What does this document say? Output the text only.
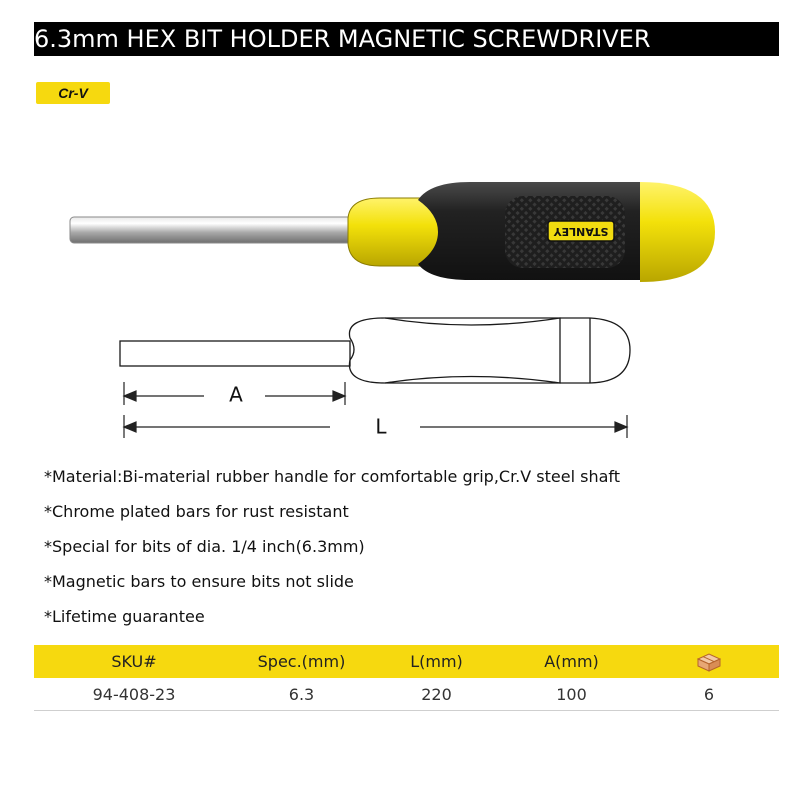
6.3mm HEX BIT HOLDER MAGNETIC SCREWDRIVER
Cr-V
STANLEY
A
L
*Material:Bi-material rubber handle for comfortable grip,Cr.V steel shaft
*Chrome plated bars for rust resistant
*Special for bits of dia. 1/4 inch(6.3mm)
*Magnetic bars to ensure bits not slide
*Lifetime guarantee
SKU#	Spec.(mm)	L(mm)	A(mm)	
94-408-23	6.3	220	100	6
